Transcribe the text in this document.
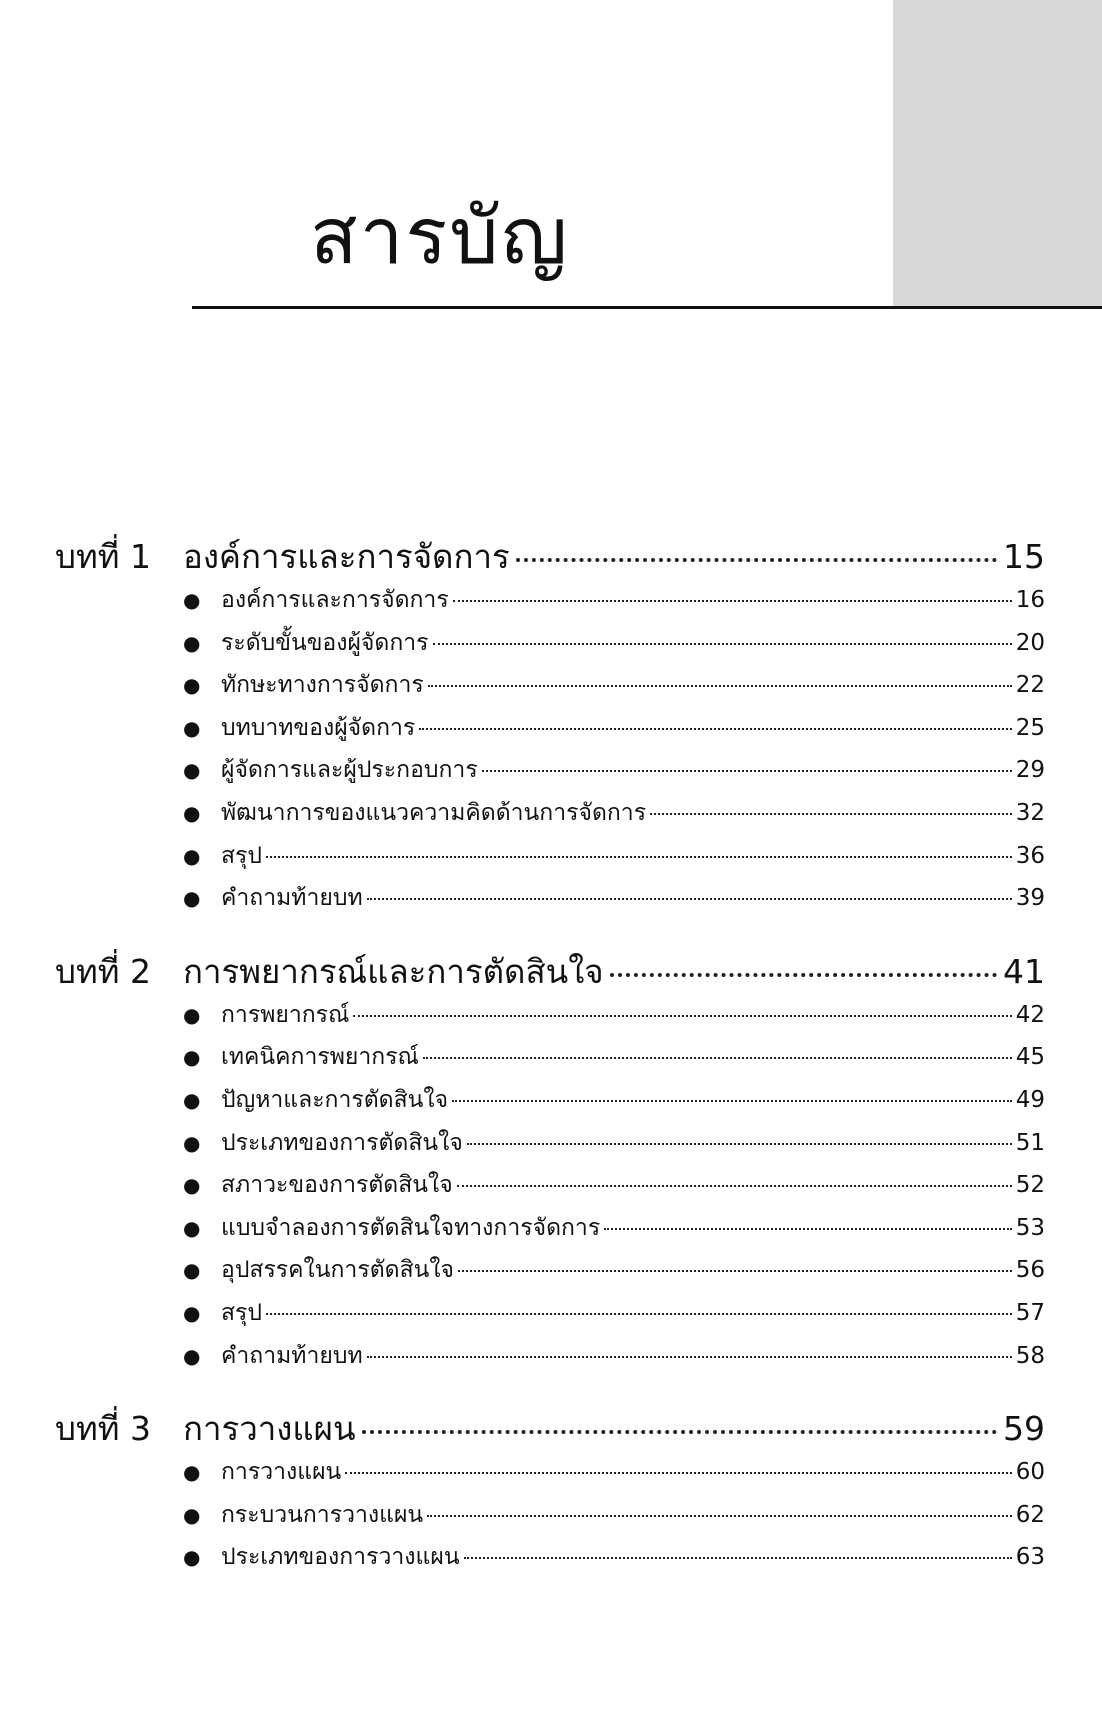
สารบัญ
บทที่ 1 องค์การและการจัดการ	15
● องค์การและการจัดการ	16
● ระดับขั้นของผู้จัดการ	20
● ทักษะทางการจัดการ	22
● บทบาทของผู้จัดการ	25
● ผู้จัดการและผู้ประกอบการ	29
● พัฒนาการของแนวความคิดด้านการจัดการ	32
● สรุป	36
● คำถามท้ายบท	39
บทที่ 2 การพยากรณ์และการตัดสินใจ	41
● การพยากรณ์	42
● เทคนิคการพยากรณ์	45
● ปัญหาและการตัดสินใจ	49
● ประเภทของการตัดสินใจ	51
● สภาวะของการตัดสินใจ	52
● แบบจำลองการตัดสินใจทางการจัดการ	53
● อุปสรรคในการตัดสินใจ	56
● สรุป	57
● คำถามท้ายบท	58
บทที่ 3 การวางแผน	59
● การวางแผน	60
● กระบวนการวางแผน	62
● ประเภทของการวางแผน	63
